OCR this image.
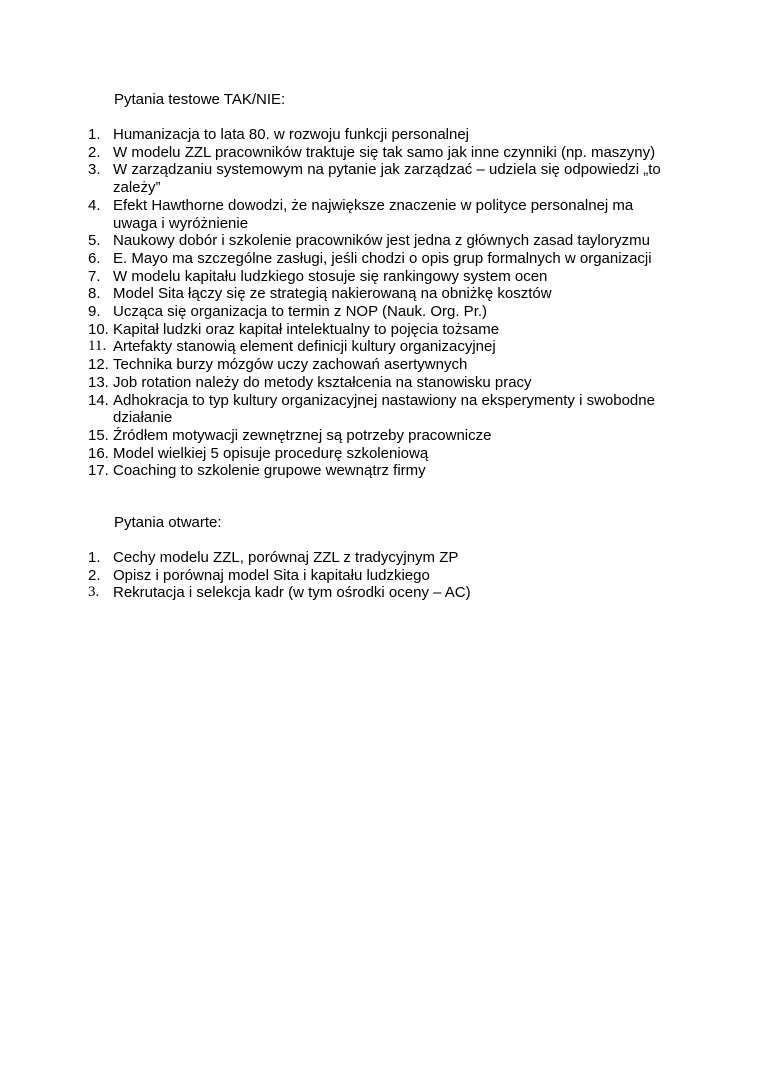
Pytania testowe TAK/NIE:
1. Humanizacja to lata 80. w rozwoju funkcji personalnej
2. W modelu ZZL pracowników traktuje się tak samo jak inne czynniki (np. maszyny)
3. W zarządzaniu systemowym na pytanie jak zarządzać – udziela się odpowiedzi „to zależy”
4. Efekt Hawthorne dowodzi, że największe znaczenie w polityce personalnej ma uwaga i wyróżnienie
5. Naukowy dobór i szkolenie pracowników jest jedna z głównych zasad tayloryzmu
6. E. Mayo ma szczególne zasługi, jeśli chodzi o opis grup formalnych w organizacji
7. W modelu kapitału ludzkiego stosuje się rankingowy system ocen
8. Model Sita łączy się ze strategią nakierowaną na obniżkę kosztów
9. Ucząca się organizacja to termin z NOP (Nauk. Org. Pr.)
10. Kapitał ludzki oraz kapitał intelektualny to pojęcia tożsame
11. Artefakty stanowią element definicji kultury organizacyjnej
12. Technika burzy mózgów uczy zachowań asertywnych
13. Job rotation należy do metody kształcenia na stanowisku pracy
14. Adhokracja to typ kultury organizacyjnej nastawiony na eksperymenty i swobodne działanie
15. Źródłem motywacji zewnętrznej są potrzeby pracownicze
16. Model wielkiej 5 opisuje procedurę szkoleniową
17. Coaching to szkolenie grupowe wewnątrz firmy
Pytania otwarte:
1. Cechy modelu ZZL, porównaj ZZL z tradycyjnym ZP
2. Opisz i porównaj model Sita i kapitału ludzkiego
3. Rekrutacja i selekcja kadr (w tym ośrodki oceny – AC)
